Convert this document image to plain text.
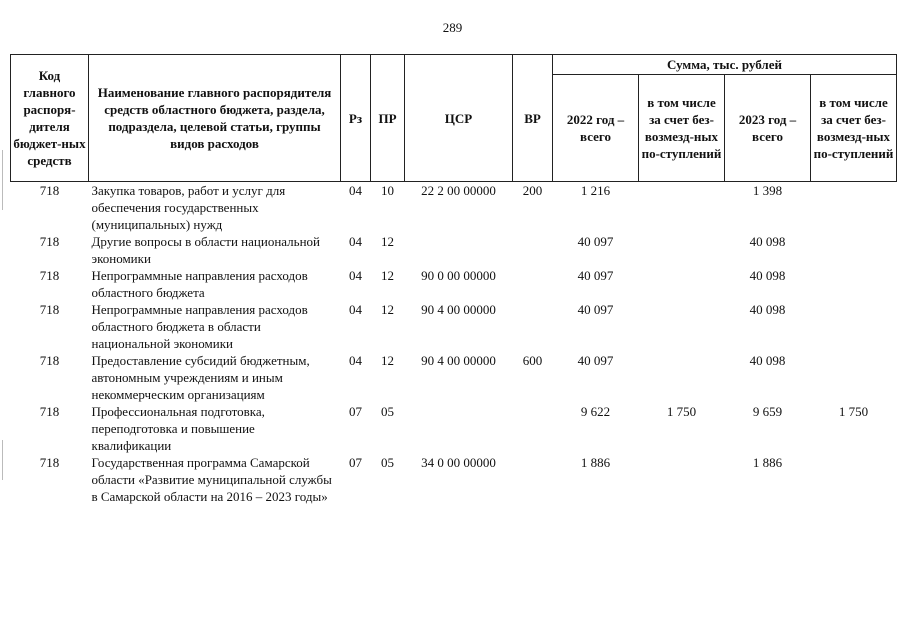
289
Код главного распоря-дителя бюджет-ных средств	Наименование главного распорядителя средств областного бюджета, раздела, подраздела, целевой статьи, группы видов расходов	Рз	ПР	ЦСР	ВР	Сумма, тыс. рублей			
						2022 год – всего	в том числе за счет без-возмезд-ных по-ступлений	2023 год – всего	в том числе за счет без-возмезд-ных по-ступлений
718	Закупка товаров, работ и услуг для обеспечения государственных (муниципальных) нужд	04	10	22 2 00 00000	200	1 216		1 398	
718	Другие вопросы в области национальной экономики	04	12			40 097		40 098	
718	Непрограммные направления расходов областного бюджета	04	12	90 0 00 00000		40 097		40 098	
718	Непрограммные направления расходов областного бюджета в области национальной экономики	04	12	90 4 00 00000		40 097		40 098	
718	Предоставление субсидий бюджетным, автономным учреждениям и иным некоммерческим организациям	04	12	90 4 00 00000	600	40 097		40 098	
718	Профессиональная подготовка, переподготовка и повышение квалификации	07	05			9 622	1 750	9 659	1 750
718	Государственная программа Самарской области «Развитие муниципальной службы в Самарской области на 2016 – 2023 годы»	07	05	34 0 00 00000		1 886		1 886	
